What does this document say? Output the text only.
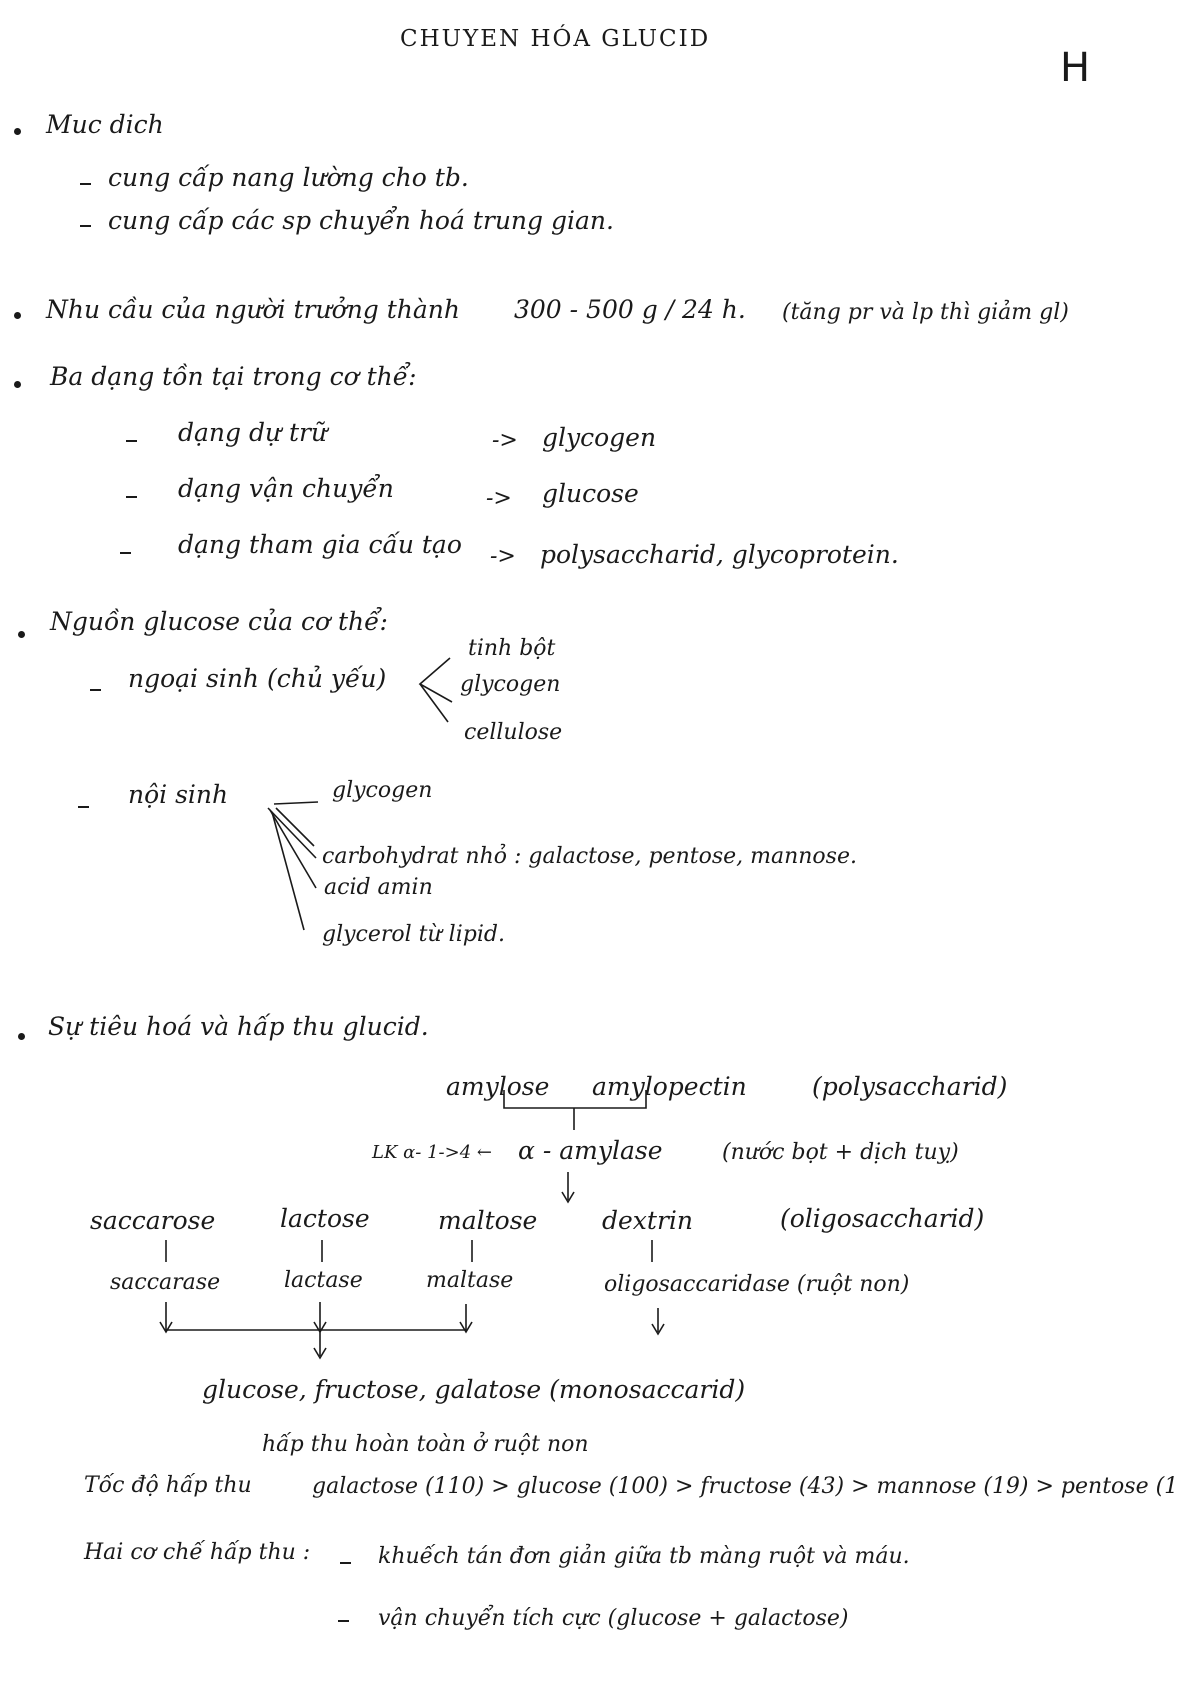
CHUYEN HÓA GLUCID
H
Muc dich
cung cấp nang lường cho tb.
cung cấp các sp chuyển hoá trung gian.
Nhu cầu của người trưởng thành 300 - 500 g / 24 h. (tăng pr và lp thì giảm gl)
Ba dạng tồn tại trong cơ thể:
dạng dự trữ	-> glycogen
dạng vận chuyển	-> glucose
dạng tham gia cấu tạo -> polysaccharid, glycoprotein.
Nguồn glucose của cơ thể:
ngoại sinh (chủ yếu)
tinh bột
glycogen
cellulose
nội sinh	glycogen
carbohydrat nhỏ : galactose, pentose, mannose.
acid amin
glycerol từ lipid.
Sự tiêu hoá và hấp thu glucid.
amylose amylopectin	(polysaccharid)
LK α- 1->4 ← α - amylase	(nước bọt + dịch tuỵ)
saccarose	lactose	maltose	dextrin	(oligosaccharid)
saccarase	lactase	maltase	oligosaccaridase (ruột non)
glucose, fructose, galatose (monosaccarid)
hấp thu hoàn toàn ở ruột non
Tốc độ hấp thu	galactose (110) > glucose (100) > fructose (43) > mannose (19) > pentose (1
Hai cơ chế hấp thu :	khuếch tán đơn giản giữa tb màng ruột và máu.
vận chuyển tích cực (glucose + galactose)
